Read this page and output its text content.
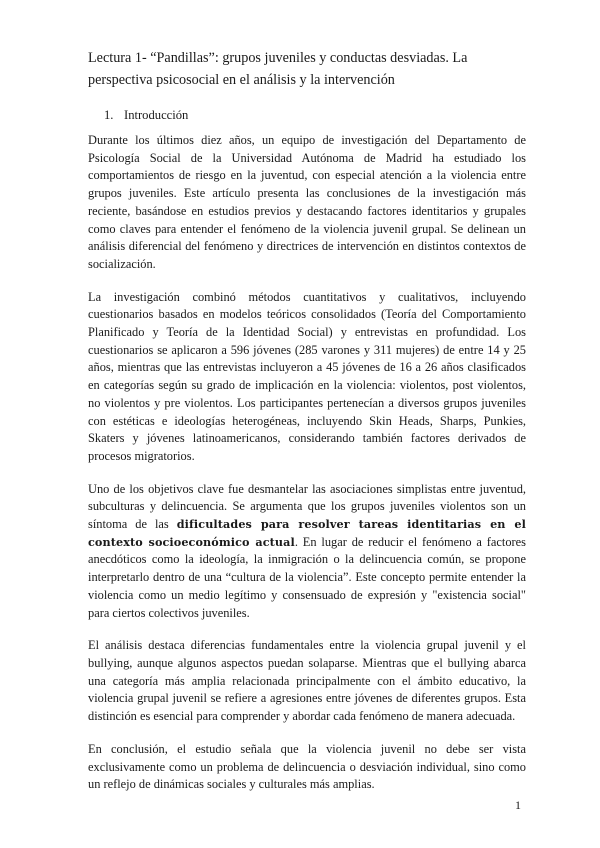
Lectura 1- “Pandillas”: grupos juveniles y conductas desviadas. La perspectiva psicosocial en el análisis y la intervención
1. Introducción

Durante los últimos diez años, un equipo de investigación del Departamento de Psicología Social de la Universidad Autónoma de Madrid ha estudiado los comportamientos de riesgo en la juventud, con especial atención a la violencia entre grupos juveniles. Este artículo presenta las conclusiones de la investigación más reciente, basándose en estudios previos y destacando factores identitarios y grupales como claves para entender el fenómeno de la violencia juvenil grupal. Se delinean un análisis diferencial del fenómeno y directrices de intervención en distintos contextos de socialización.

La investigación combinó métodos cuantitativos y cualitativos, incluyendo cuestionarios basados en modelos teóricos consolidados (Teoría del Comportamiento Planificado y Teoría de la Identidad Social) y entrevistas en profundidad. Los cuestionarios se aplicaron a 596 jóvenes (285 varones y 311 mujeres) de entre 14 y 25 años, mientras que las entrevistas incluyeron a 45 jóvenes de 16 a 26 años clasificados en categorías según su grado de implicación en la violencia: violentos, post violentos, no violentos y pre violentos. Los participantes pertenecían a diversos grupos juveniles con estéticas e ideologías heterogéneas, incluyendo Skin Heads, Sharps, Punkies, Skaters y jóvenes latinoamericanos, considerando también factores derivados de procesos migratorios.

Uno de los objetivos clave fue desmantelar las asociaciones simplistas entre juventud, subculturas y delincuencia. Se argumenta que los grupos juveniles violentos son un síntoma de las dificultades para resolver tareas identitarias en el contexto socioeconómico actual. En lugar de reducir el fenómeno a factores anecdóticos como la ideología, la inmigración o la delincuencia común, se propone interpretarlo dentro de una “cultura de la violencia”. Este concepto permite entender la violencia como un medio legítimo y consensuado de expresión y "existencia social" para ciertos colectivos juveniles.

El análisis destaca diferencias fundamentales entre la violencia grupal juvenil y el bullying, aunque algunos aspectos puedan solaparse. Mientras que el bullying abarca una categoría más amplia relacionada principalmente con el ámbito educativo, la violencia grupal juvenil se refiere a agresiones entre jóvenes de diferentes grupos. Esta distinción es esencial para comprender y abordar cada fenómeno de manera adecuada.

En conclusión, el estudio señala que la violencia juvenil no debe ser vista exclusivamente como un problema de delincuencia o desviación individual, sino como un reflejo de dinámicas sociales y culturales más amplias.

1
